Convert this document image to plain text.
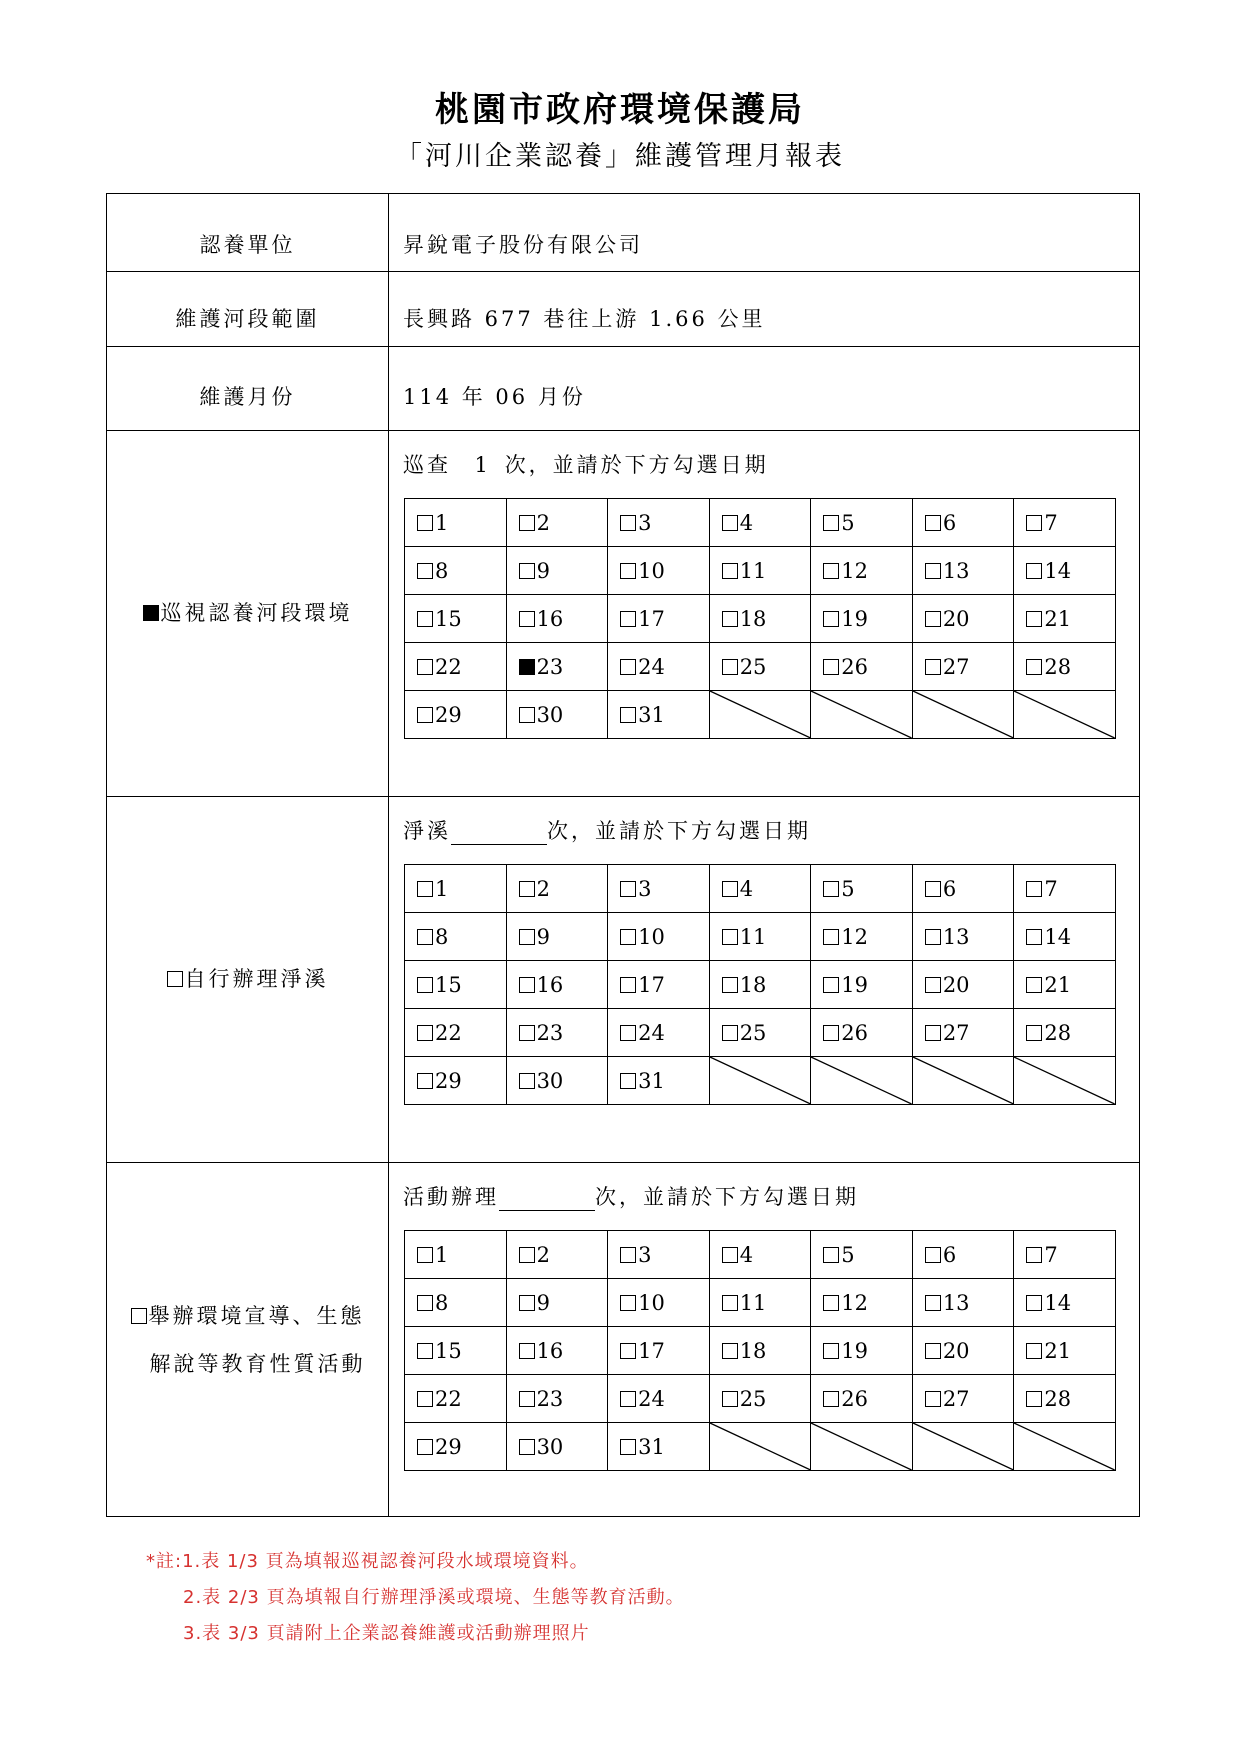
桃園市政府環境保護局
「河川企業認養」維護管理月報表
認養單位	昇銳電子股份有限公司
維護河段範圍	長興路 677 巷往上游 1.66 公里
維護月份	114 年 06 月份
巡視認養河段環境
巡查 1 次，並請於下方勾選日期
1	2	3	4	5	6	7
8	9	10	11	12	13	14
15	16	17	18	19	20	21
22	23	24	25	26	27	28
29	30	31	

自行辦理淨溪
淨溪	次，並請於下方勾選日期
1	2	3	4	5	6	7
8	9	10	11	12	13	14
15	16	17	18	19	20	21
22	23	24	25	26	27	28
29	30	31	

舉辦環境宣導、生態
解說等教育性質活動
活動辦理	次，並請於下方勾選日期
1	2	3	4	5	6	7
8	9	10	11	12	13	14
15	16	17	18	19	20	21
22	23	24	25	26	27	28
29	30	31	

*註:1.表 1/3 頁為填報巡視認養河段水域環境資料。
2.表 2/3 頁為填報自行辦理淨溪或環境、生態等教育活動。
3.表 3/3 頁請附上企業認養維護或活動辦理照片
